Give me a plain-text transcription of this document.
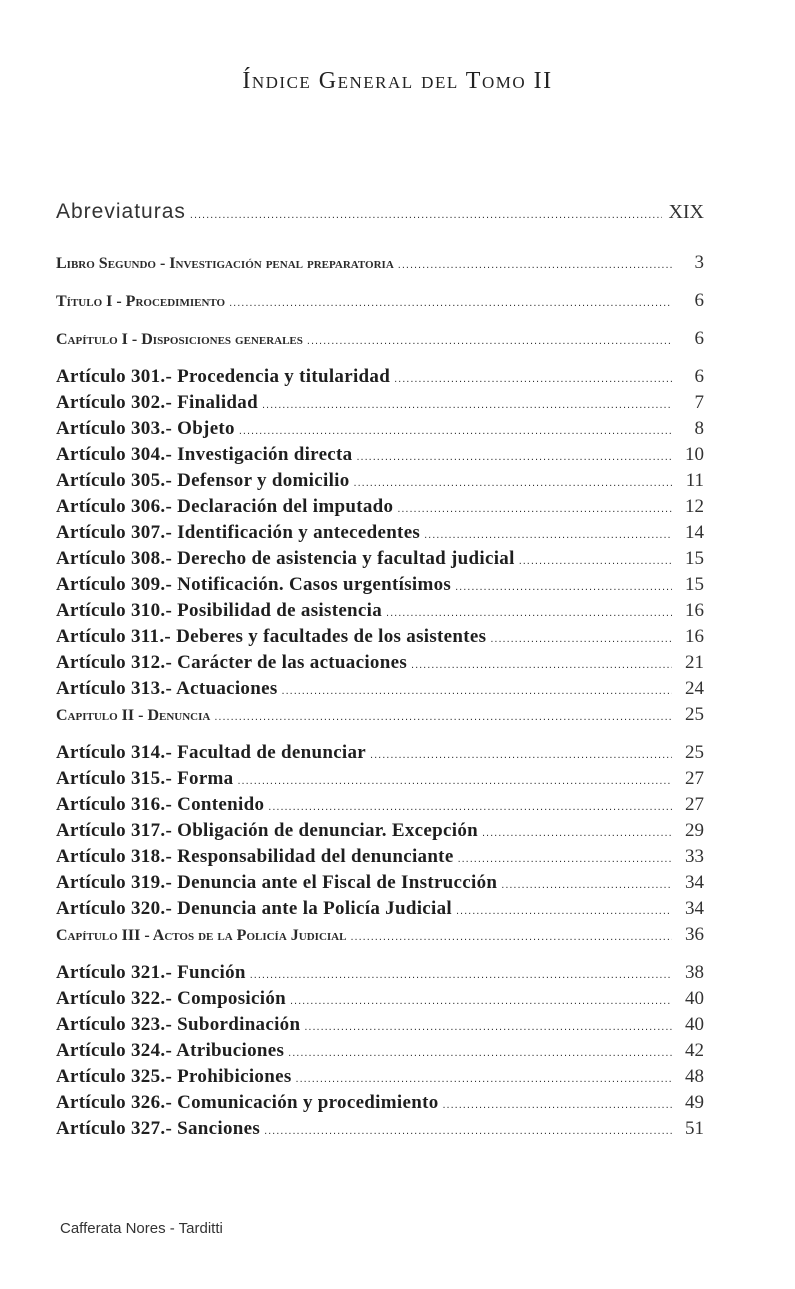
Índice General del Tomo II
Abreviaturas .....	XIX
Libro Segundo - Investigación penal preparatoria .....	3
Título I - Procedimiento .....	6
Capítulo I - Disposiciones generales .....	6
Artículo 301.- Procedencia y titularidad .....	6
Artículo 302.- Finalidad .....	7
Artículo 303.- Objeto .....	8
Artículo 304.- Investigación directa .....	10
Artículo 305.- Defensor y domicilio .....	11
Artículo 306.- Declaración del imputado .....	12
Artículo 307.- Identificación y antecedentes .....	14
Artículo 308.- Derecho de asistencia y facultad judicial .....	15
Artículo 309.- Notificación. Casos urgentísimos .....	15
Artículo 310.- Posibilidad de asistencia .....	16
Artículo 311.- Deberes y facultades de los asistentes .....	16
Artículo 312.- Carácter de las actuaciones .....	21
Artículo 313.- Actuaciones .....	24
Capitulo II - Denuncia .....	25
Artículo 314.- Facultad de denunciar .....	25
Artículo 315.- Forma .....	27
Artículo 316.- Contenido .....	27
Artículo 317.- Obligación de denunciar. Excepción .....	29
Artículo 318.- Responsabilidad del denunciante .....	33
Artículo 319.- Denuncia ante el Fiscal de Instrucción .....	34
Artículo 320.- Denuncia ante la Policía Judicial .....	34
Capítulo III - Actos de la Policía Judicial .....	36
Artículo 321.- Función .....	38
Artículo 322.- Composición .....	40
Artículo 323.- Subordinación .....	40
Artículo 324.- Atribuciones .....	42
Artículo 325.- Prohibiciones .....	48
Artículo 326.- Comunicación y procedimiento .....	49
Artículo 327.- Sanciones .....	51
Cafferata Nores - Tarditti
